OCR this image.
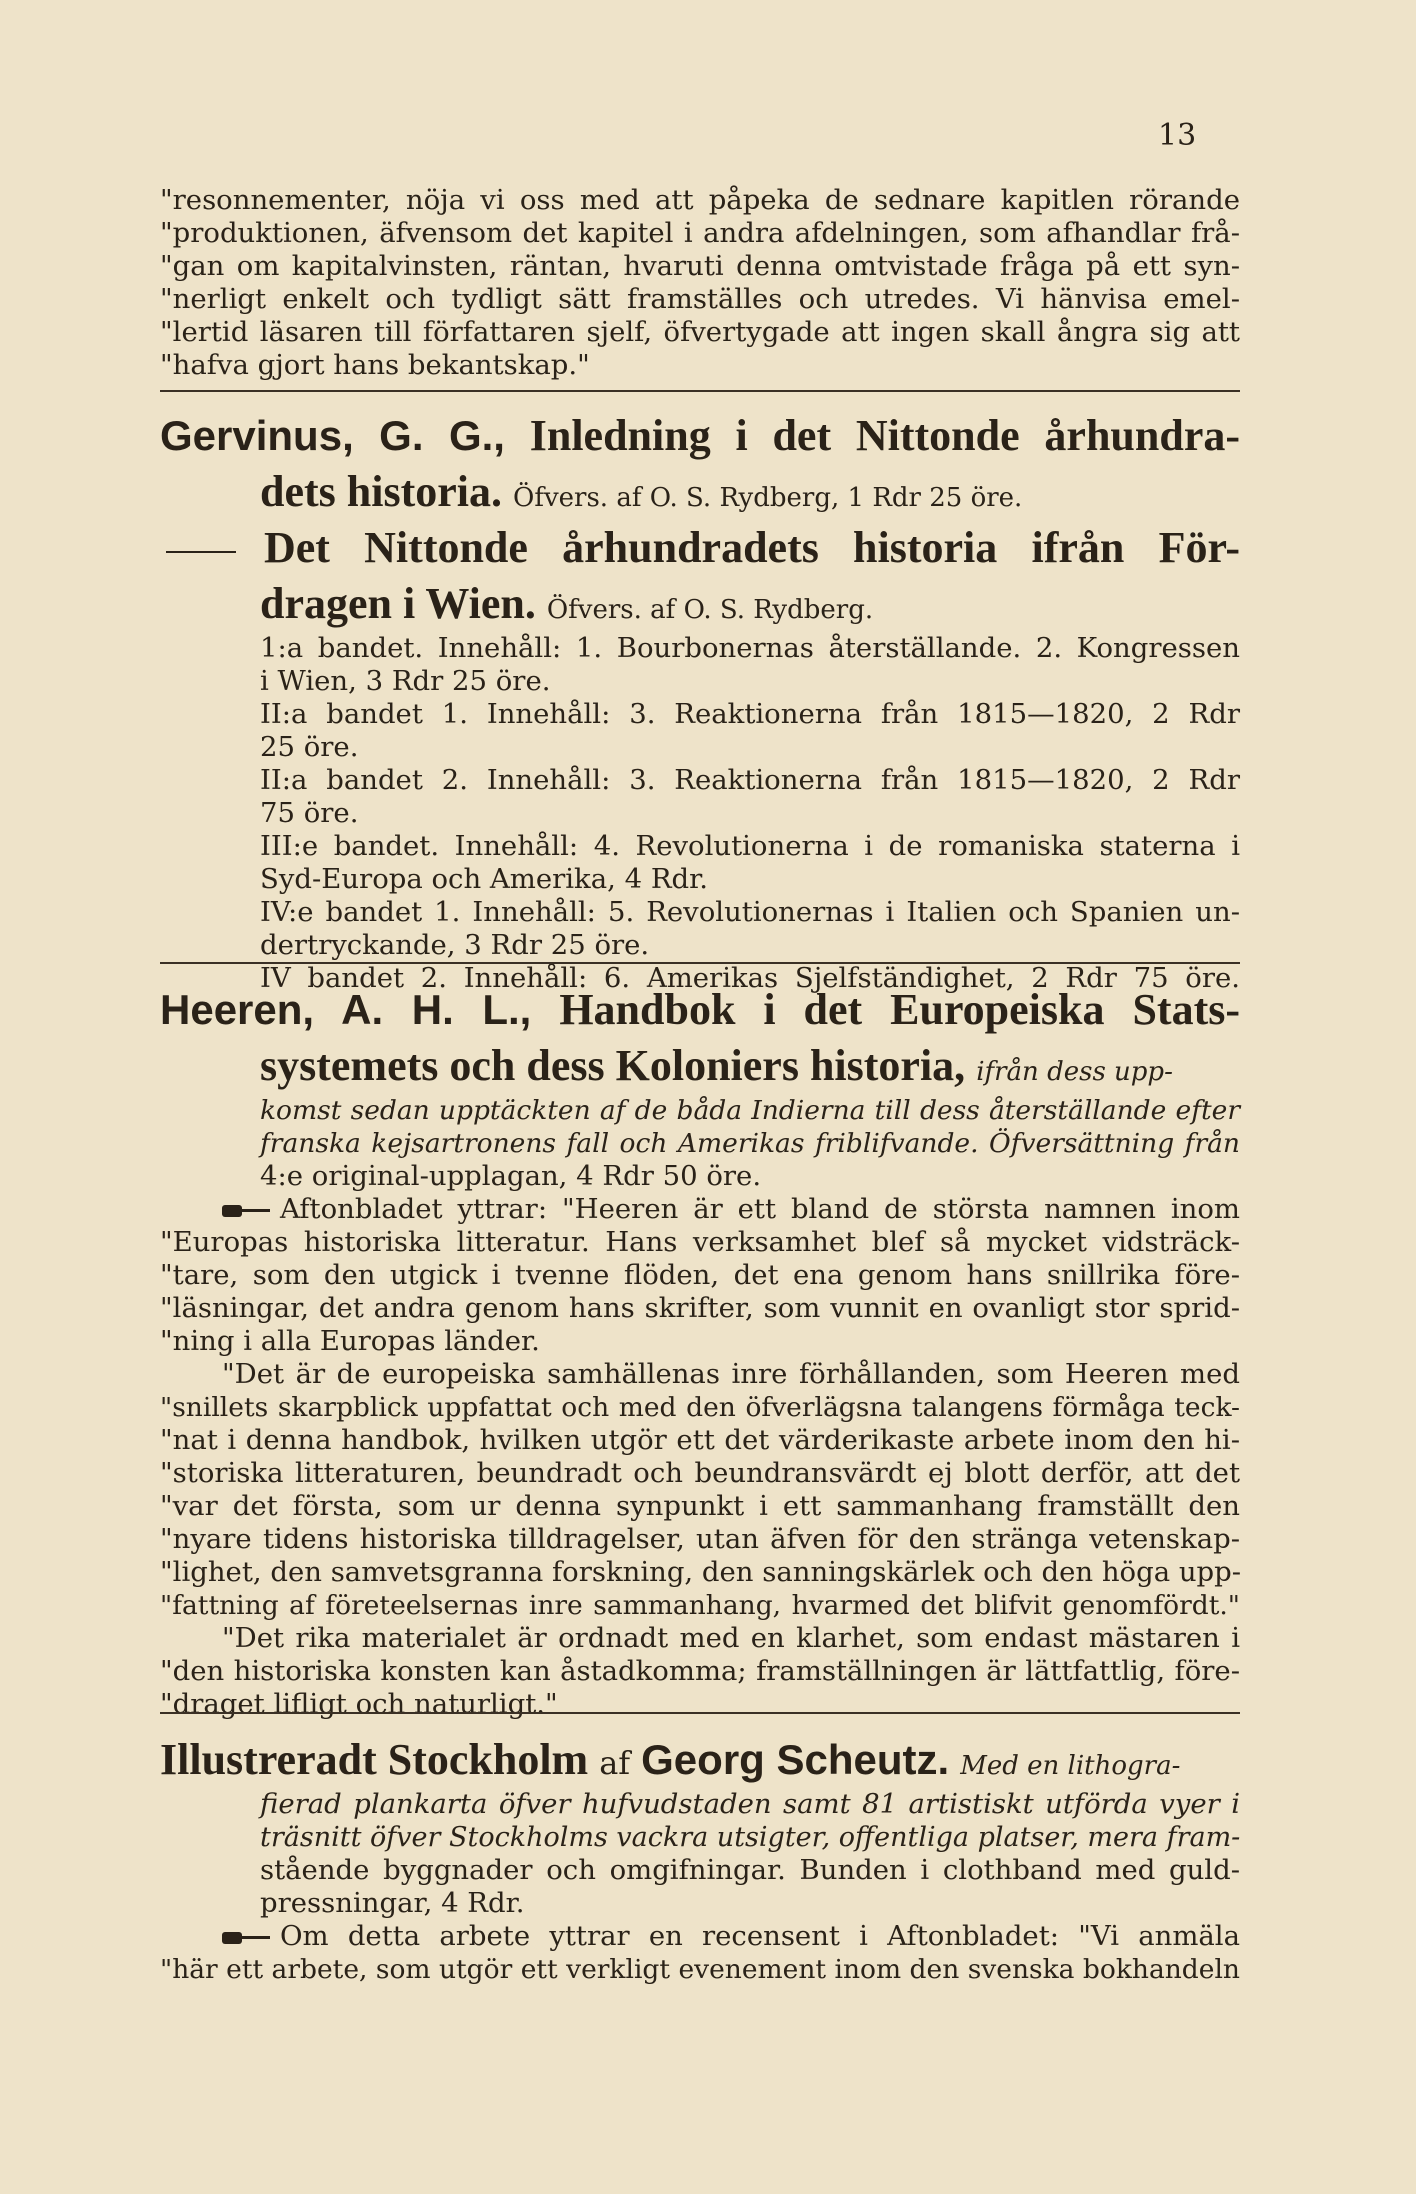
13
"resonnementer, nöja vi oss med att påpeka de sednare kapitlen rörande
"produktionen, äfvensom det kapitel i andra afdelningen, som afhandlar frå-
"gan om kapitalvinsten, räntan, hvaruti denna omtvistade fråga på ett syn-
"nerligt enkelt och tydligt sätt framställes och utredes. Vi hänvisa emel-
"lertid läsaren till författaren sjelf, öfvertygade att ingen skall ångra sig att
"hafva gjort hans bekantskap."
Gervinus, G. G., Inledning i det Nittonde århundra-
dets historia. Öfvers. af O. S. Rydberg, 1 Rdr 25 öre.
Det Nittonde århundradets historia ifrån För-
dragen i Wien. Öfvers. af O. S. Rydberg.
1:a bandet. Innehåll: 1. Bourbonernas återställande. 2. Kongressen
i Wien, 3 Rdr 25 öre.
II:a bandet 1. Innehåll: 3. Reaktionerna från 1815—1820, 2 Rdr
25 öre.
II:a bandet 2. Innehåll: 3. Reaktionerna från 1815—1820, 2 Rdr
75 öre.
III:e bandet. Innehåll: 4. Revolutionerna i de romaniska staterna i
Syd-Europa och Amerika, 4 Rdr.
IV:e bandet 1. Innehåll: 5. Revolutionernas i Italien och Spanien un-
dertryckande, 3 Rdr 25 öre.
IV bandet 2. Innehåll: 6. Amerikas Sjelfständighet, 2 Rdr 75 öre.
Heeren, A. H. L., Handbok i det Europeiska Stats-
systemets och dess Koloniers historia, ifrån dess upp-
komst sedan upptäckten af de båda Indierna till dess återställande efter
franska kejsartronens fall och Amerikas friblifvande. Öfversättning från
4:e original-upplagan, 4 Rdr 50 öre.
Aftonbladet yttrar: "Heeren är ett bland de största namnen inom
"Europas historiska litteratur. Hans verksamhet blef så mycket vidsträck-
"tare, som den utgick i tvenne flöden, det ena genom hans snillrika före-
"läsningar, det andra genom hans skrifter, som vunnit en ovanligt stor sprid-
"ning i alla Europas länder.
"Det är de europeiska samhällenas inre förhållanden, som Heeren med
"snillets skarpblick uppfattat och med den öfverlägsna talangens förmåga teck-
"nat i denna handbok, hvilken utgör ett det värderikaste arbete inom den hi-
"storiska litteraturen, beundradt och beundransvärdt ej blott derför, att det
"var det första, som ur denna synpunkt i ett sammanhang framställt den
"nyare tidens historiska tilldragelser, utan äfven för den stränga vetenskap-
"lighet, den samvetsgranna forskning, den sanningskärlek och den höga upp-
"fattning af företeelsernas inre sammanhang, hvarmed det blifvit genomfördt."
"Det rika materialet är ordnadt med en klarhet, som endast mästaren i
"den historiska konsten kan åstadkomma; framställningen är lättfattlig, före-
"draget lifligt och naturligt."
Illustreradt Stockholm af Georg Scheutz. Med en lithogra-
fierad plankarta öfver hufvudstaden samt 81 artistiskt utförda vyer i
träsnitt öfver Stockholms vackra utsigter, offentliga platser, mera fram-
stående byggnader och omgifningar. Bunden i clothband med guld-
pressningar, 4 Rdr.
Om detta arbete yttrar en recensent i Aftonbladet: "Vi anmäla
"här ett arbete, som utgör ett verkligt evenement inom den svenska bokhandeln
